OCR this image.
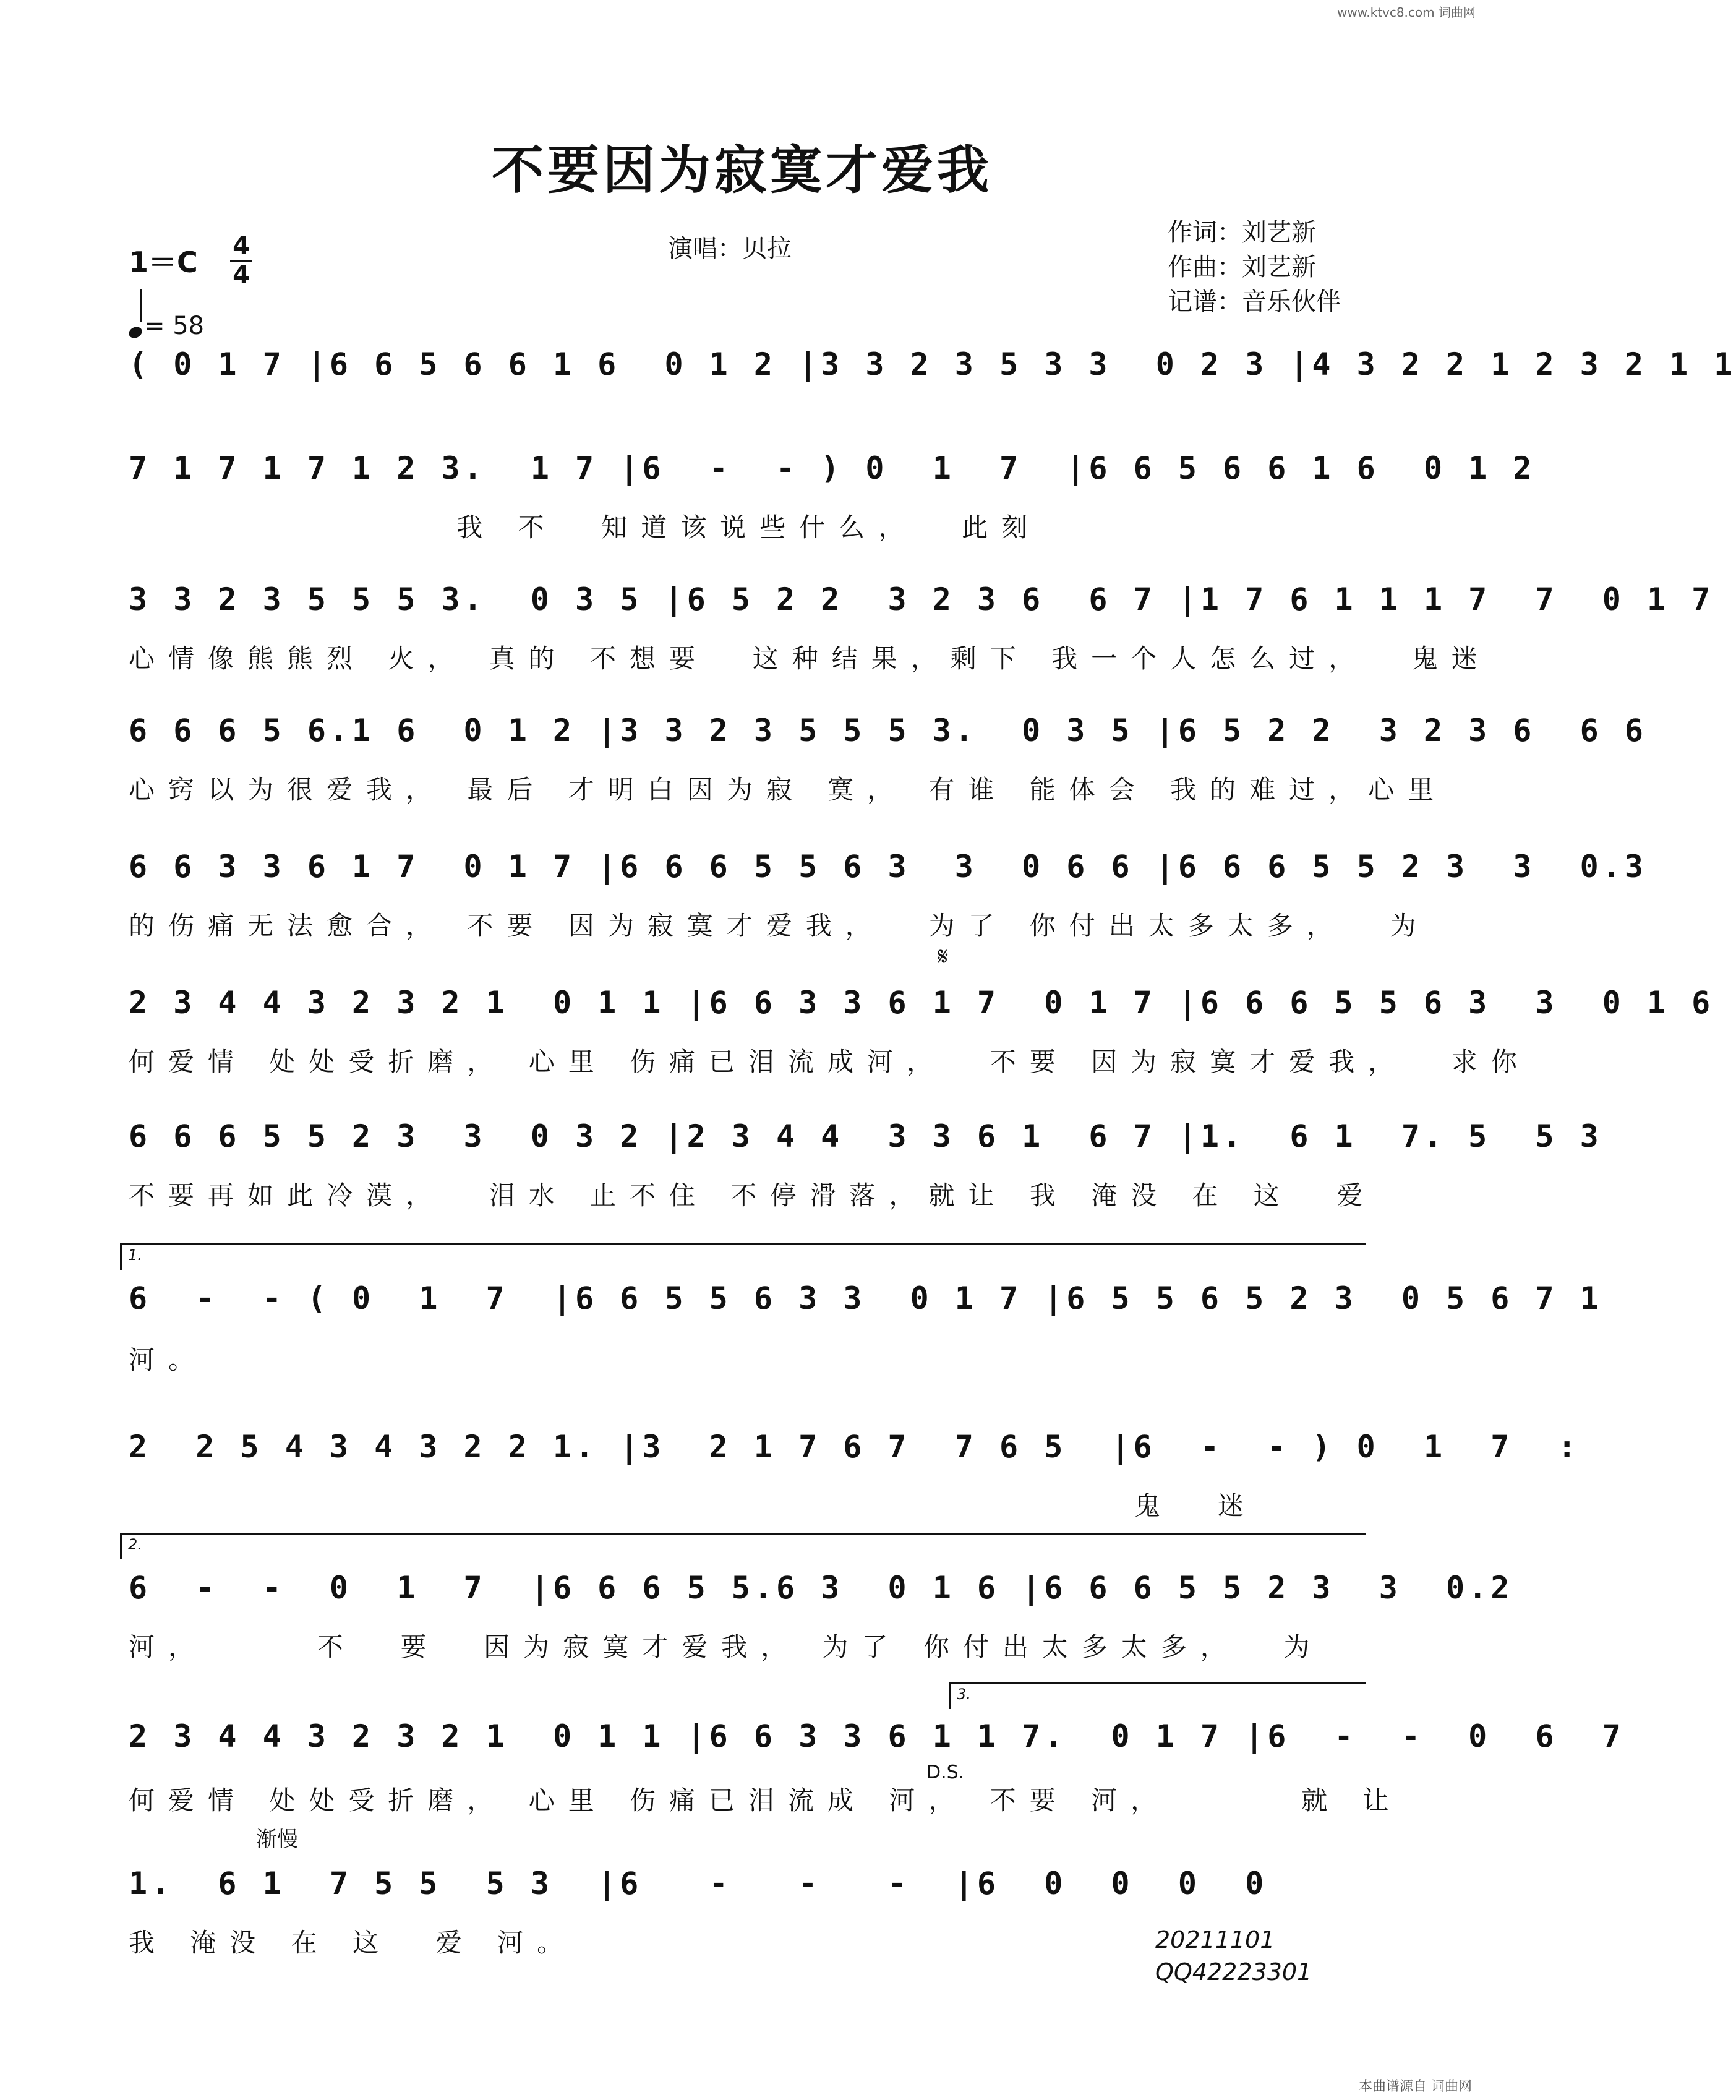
www.ktvc8.com 词曲网
不要因为寂寞才爱我
1＝C 4
4
= 58
演唱：贝拉
作词：刘艺新
作曲：刘艺新
记谱：音乐伙伴
( 0 1 7 |6 6 5 6 6 1 6  0 1 2 |3 3 2 3 5 3 3  0 2 3 |4 3 2 2 1 2 3 2 1 1
7 1 7 1 7 1 2 3.  1 7 |6  -  - ) 0  1  7  |6 6 5 6 6 1 6  0 1 2
我 不  知道该说些什么，  此刻
3 3 2 3 5 5 5 3.  0 3 5 |6 5 2 2  3 2 3 6  6 7 |1 7 6 1 1 1 7  7  0 1 7
心情像熊熊烈 火， 真的 不想要  这种结果，剩下 我一个人怎么过，  鬼迷
6 6 6 5 6.1 6  0 1 2 |3 3 2 3 5 5 5 3.  0 3 5 |6 5 2 2  3 2 3 6  6 6
心窍以为很爱我， 最后 才明白因为寂 寞， 有谁 能体会 我的难过，心里
6 6 3 3 6 1 7  0 1 7 |6 6 6 5 5 6 3  3  0 6 6 |6 6 6 5 5 2 3  3  0.3
的伤痛无法愈合， 不要 因为寂寞才爱我，  为了 你付出太多太多，  为
𝄋
2 3 4 4 3 2 3 2 1  0 1 1 |6 6 3 3 6 1 7  0 1 7 |6 6 6 5 5 6 3  3  0 1 6
何爱情 处处受折磨， 心里 伤痛已泪流成河，  不要 因为寂寞才爱我，  求你
6 6 6 5 5 2 3  3  0 3 2 |2 3 4 4  3 3 6 1  6 7 |1.  6 1  7. 5  5 3
不要再如此冷漠，  泪水 止不住 不停滑落，就让 我 淹没 在 这  爱
1.
6  -  - ( 0  1  7  |6 6 5 5 6 3 3  0 1 7 |6 5 5 6 5 2 3  0 5 6 7 1
河。
2  2 5 4 3 4 3 2 2 1. |3  2 1 7 6 7  7 6 5  |6  -  - ) 0  1  7  :
鬼  迷
2.
6  -  -  0  1  7  |6 6 6 5 5.6 3  0 1 6 |6 6 6 5 5 2 3  3  0.2
河，     不  要  因为寂寞才爱我， 为了 你付出太多太多，  为
3.
2 3 4 4 3 2 3 2 1  0 1 1 |6 6 3 3 6 1 1 7.  0 1 7 |6  -  -  0  6  7
D.S.
何爱情 处处受折磨， 心里 伤痛已泪流成 河， 不要 河，      就 让
渐慢
1.  6 1  7 5 5  5 3  |6   -   -   -  |6  0  0  0  0
我 淹没 在 这  爱 河。	20211101
QQ42223301
本曲谱源自 词曲网
